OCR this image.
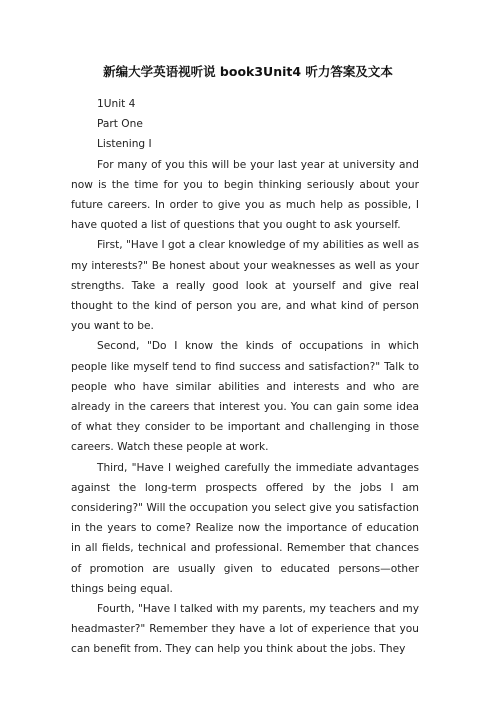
新编大学英语视听说 book3Unit4 听力答案及文本

1Unit 4

Part One

Listening I

For many of you this will be your last year at university and now is the time for you to begin thinking seriously about your future careers. In order to give you as much help as possible, I have quoted a list of questions that you ought to ask yourself.

First, "Have I got a clear knowledge of my abilities as well as my interests?" Be honest about your weaknesses as well as your strengths. Take a really good look at yourself and give real thought to the kind of person you are, and what kind of person you want to be.

Second, "Do I know the kinds of occupations in which people like myself tend to find success and satisfaction?" Talk to people who have similar abilities and interests and who are already in the careers that interest you. You can gain some idea of what they consider to be important and challenging in those careers. Watch these people at work.

Third, "Have I weighed carefully the immediate advantages against the long-term prospects offered by the jobs I am considering?" Will the occupation you select give you satisfaction in the years to come? Realize now the importance of education in all fields, technical and professional. Remember that chances of promotion are usually given to educated persons—other things being equal.

Fourth, "Have I talked with my parents, my teachers and my headmaster?" Remember they have a lot of experience that you can benefit from. They can help you think about the jobs. They
